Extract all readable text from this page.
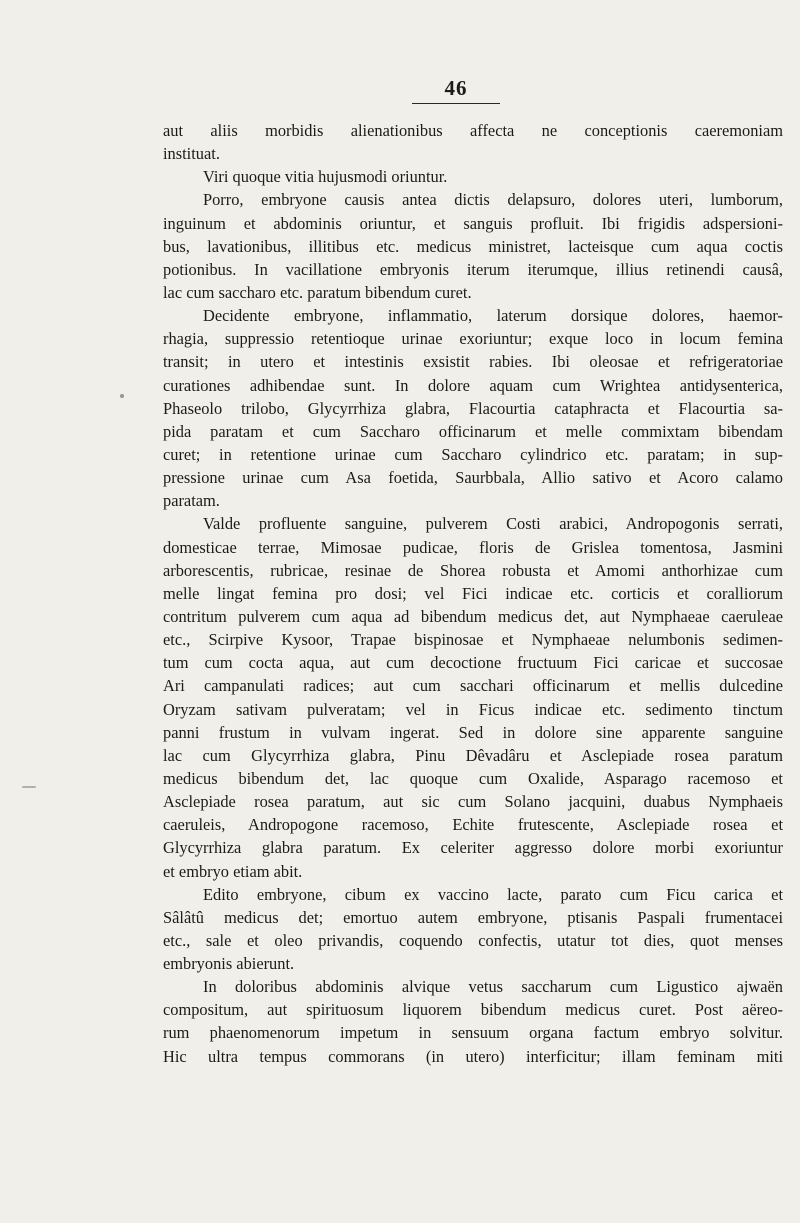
46
aut aliis morbidis alienationibus affecta ne conceptionis caeremoniam
instituat.
Viri quoque vitia hujusmodi oriuntur.
Porro, embryone causis antea dictis delapsuro, dolores uteri, lumborum,
inguinum et abdominis oriuntur, et sanguis profluit. Ibi frigidis adspersioni-
bus, lavationibus, illitibus etc. medicus ministret, lacteisque cum aqua coctis
potionibus. In vacillatione embryonis iterum iterumque, illius retinendi causâ,
lac cum saccharo etc. paratum bibendum curet.
Decidente embryone, inflammatio, laterum dorsique dolores, haemor-
rhagia, suppressio retentioque urinae exoriuntur; exque loco in locum femina
transit; in utero et intestinis exsistit rabies. Ibi oleosae et refrigeratoriae
curationes adhibendae sunt. In dolore aquam cum Wrightea antidysenterica,
Phaseolo trilobo, Glycyrrhiza glabra, Flacourtia cataphracta et Flacourtia sa-
pida paratam et cum Saccharo officinarum et melle commixtam bibendam
curet; in retentione urinae cum Saccharo cylindrico etc. paratam; in sup-
pressione urinae cum Asa foetida, Saurbbala, Allio sativo et Acoro calamo
paratam.
Valde profluente sanguine, pulverem Costi arabici, Andropogonis serrati,
domesticae terrae, Mimosae pudicae, floris de Grislea tomentosa, Jasmini
arborescentis, rubricae, resinae de Shorea robusta et Amomi anthorhizae cum
melle lingat femina pro dosi; vel Fici indicae etc. corticis et coralliorum
contritum pulverem cum aqua ad bibendum medicus det, aut Nymphaeae caeruleae
etc., Scirpive Kysoor, Trapae bispinosae et Nymphaeae nelumbonis sedimen-
tum cum cocta aqua, aut cum decoctione fructuum Fici caricae et succosae
Ari campanulati radices; aut cum sacchari officinarum et mellis dulcedine
Oryzam sativam pulveratam; vel in Ficus indicae etc. sedimento tinctum
panni frustum in vulvam ingerat. Sed in dolore sine apparente sanguine
lac cum Glycyrrhiza glabra, Pinu Dêvadâru et Asclepiade rosea paratum
medicus bibendum det, lac quoque cum Oxalide, Asparago racemoso et
Asclepiade rosea paratum, aut sic cum Solano jacquini, duabus Nymphaeis
caeruleis, Andropogone racemoso, Echite frutescente, Asclepiade rosea et
Glycyrrhiza glabra paratum. Ex celeriter aggresso dolore morbi exoriuntur
et embryo etiam abit.
Edito embryone, cibum ex vaccino lacte, parato cum Ficu carica et
Sâlâtû medicus det; emortuo autem embryone, ptisanis Paspali frumentacei
etc., sale et oleo privandis, coquendo confectis, utatur tot dies, quot menses
embryonis abierunt.
In doloribus abdominis alvique vetus saccharum cum Ligustico ajwaën
compositum, aut spirituosum liquorem bibendum medicus curet. Post aëreo-
rum phaenomenorum impetum in sensuum organa factum embryo solvitur.
Hic ultra tempus commorans (in utero) interficitur; illam feminam miti
